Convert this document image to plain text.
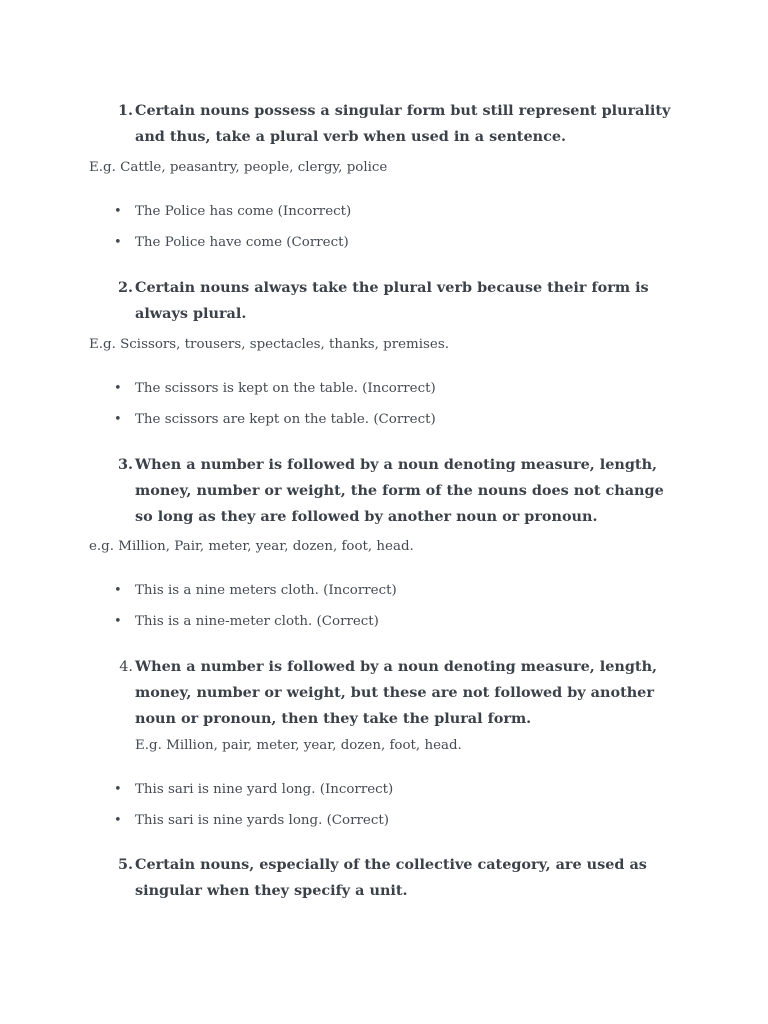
1. Certain nouns possess a singular form but still represent plurality and thus, take a plural verb when used in a sentence.

E.g. Cattle, peasantry, people, clergy, police

• The Police has come (Incorrect)
• The Police have come (Correct)

2. Certain nouns always take the plural verb because their form is always plural.

E.g. Scissors, trousers, spectacles, thanks, premises.

• The scissors is kept on the table. (Incorrect)
• The scissors are kept on the table. (Correct)

3. When a number is followed by a noun denoting measure, length, money, number or weight, the form of the nouns does not change so long as they are followed by another noun or pronoun.

e.g. Million, Pair, meter, year, dozen, foot, head.

• This is a nine meters cloth. (Incorrect)
• This is a nine-meter cloth. (Correct)

4. When a number is followed by a noun denoting measure, length, money, number or weight, but these are not followed by another noun or pronoun, then they take the plural form.

E.g. Million, pair, meter, year, dozen, foot, head.

• This sari is nine yard long. (Incorrect)
• This sari is nine yards long. (Correct)

5. Certain nouns, especially of the collective category, are used as singular when they specify a unit.
